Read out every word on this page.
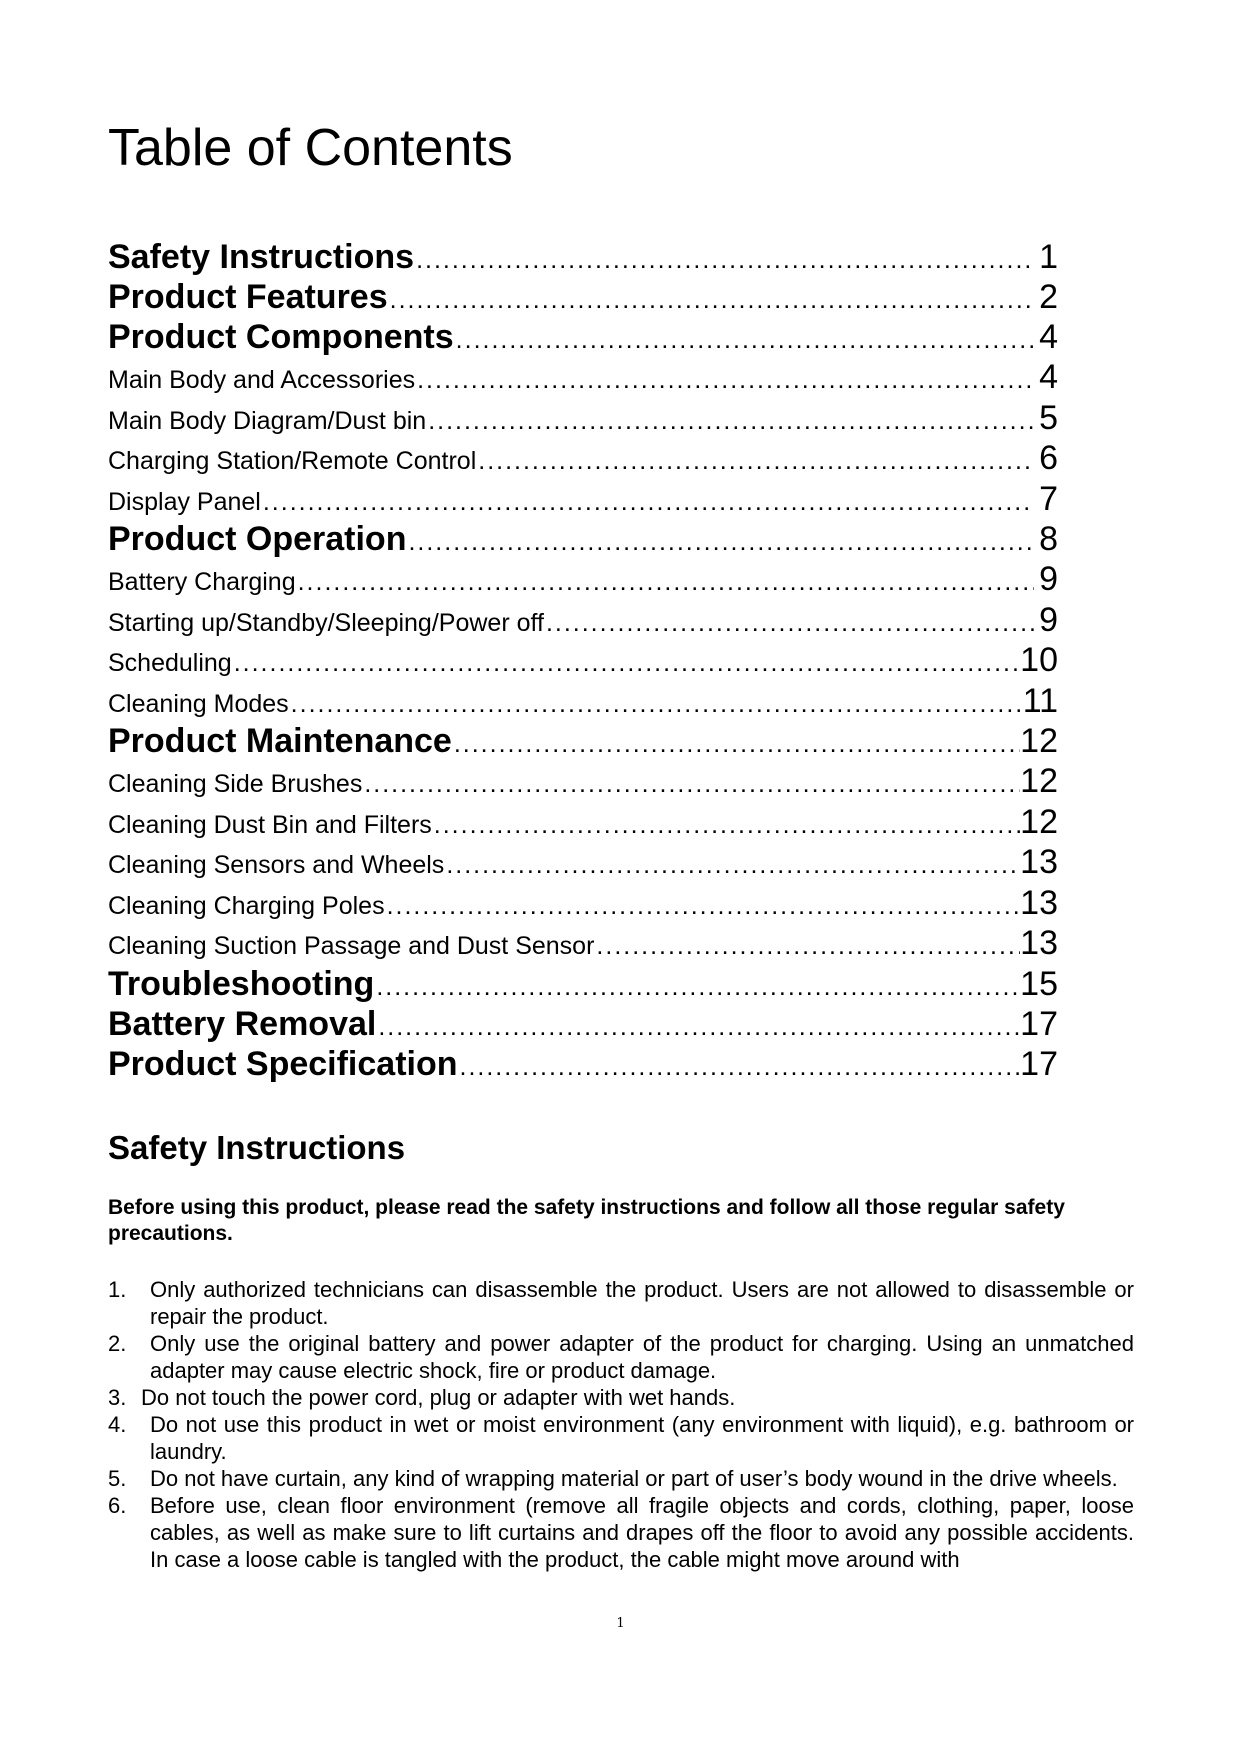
Table of Contents
Safety Instructions .....	1
Product Features .....	2
Product Components .....	4
Main Body and Accessories .....	4
Main Body Diagram/Dust bin .....	5
Charging Station/Remote Control .....	6
Display Panel .....	7
Product Operation .....	8
Battery Charging .....	9
Starting up/Standby/Sleeping/Power off .....	9
Scheduling .....	10
Cleaning Modes .....	11
Product Maintenance .....	12
Cleaning Side Brushes .....	12
Cleaning Dust Bin and Filters .....	12
Cleaning Sensors and Wheels .....	13
Cleaning Charging Poles .....	13
Cleaning Suction Passage and Dust Sensor .....	13
Troubleshooting .....	15
Battery Removal .....	17
Product Specification .....	17
Safety Instructions

Before using this product, please read the safety instructions and follow all those regular safety precautions.

1.	Only authorized technicians can disassemble the product. Users are not allowed to disassemble or repair the product.
2.	Only use the original battery and power adapter of the product for charging. Using an unmatched adapter may cause electric shock, fire or product damage.
3. Do not touch the power cord, plug or adapter with wet hands.
4.	Do not use this product in wet or moist environment (any environment with liquid), e.g. bathroom or laundry.
5.	Do not have curtain, any kind of wrapping material or part of user’s body wound in the drive wheels.
6.	Before use, clean floor environment (remove all fragile objects and cords, clothing, paper, loose cables, as well as make sure to lift curtains and drapes off the floor to avoid any possible accidents. In case a loose cable is tangled with the product, the cable might move around with
1
